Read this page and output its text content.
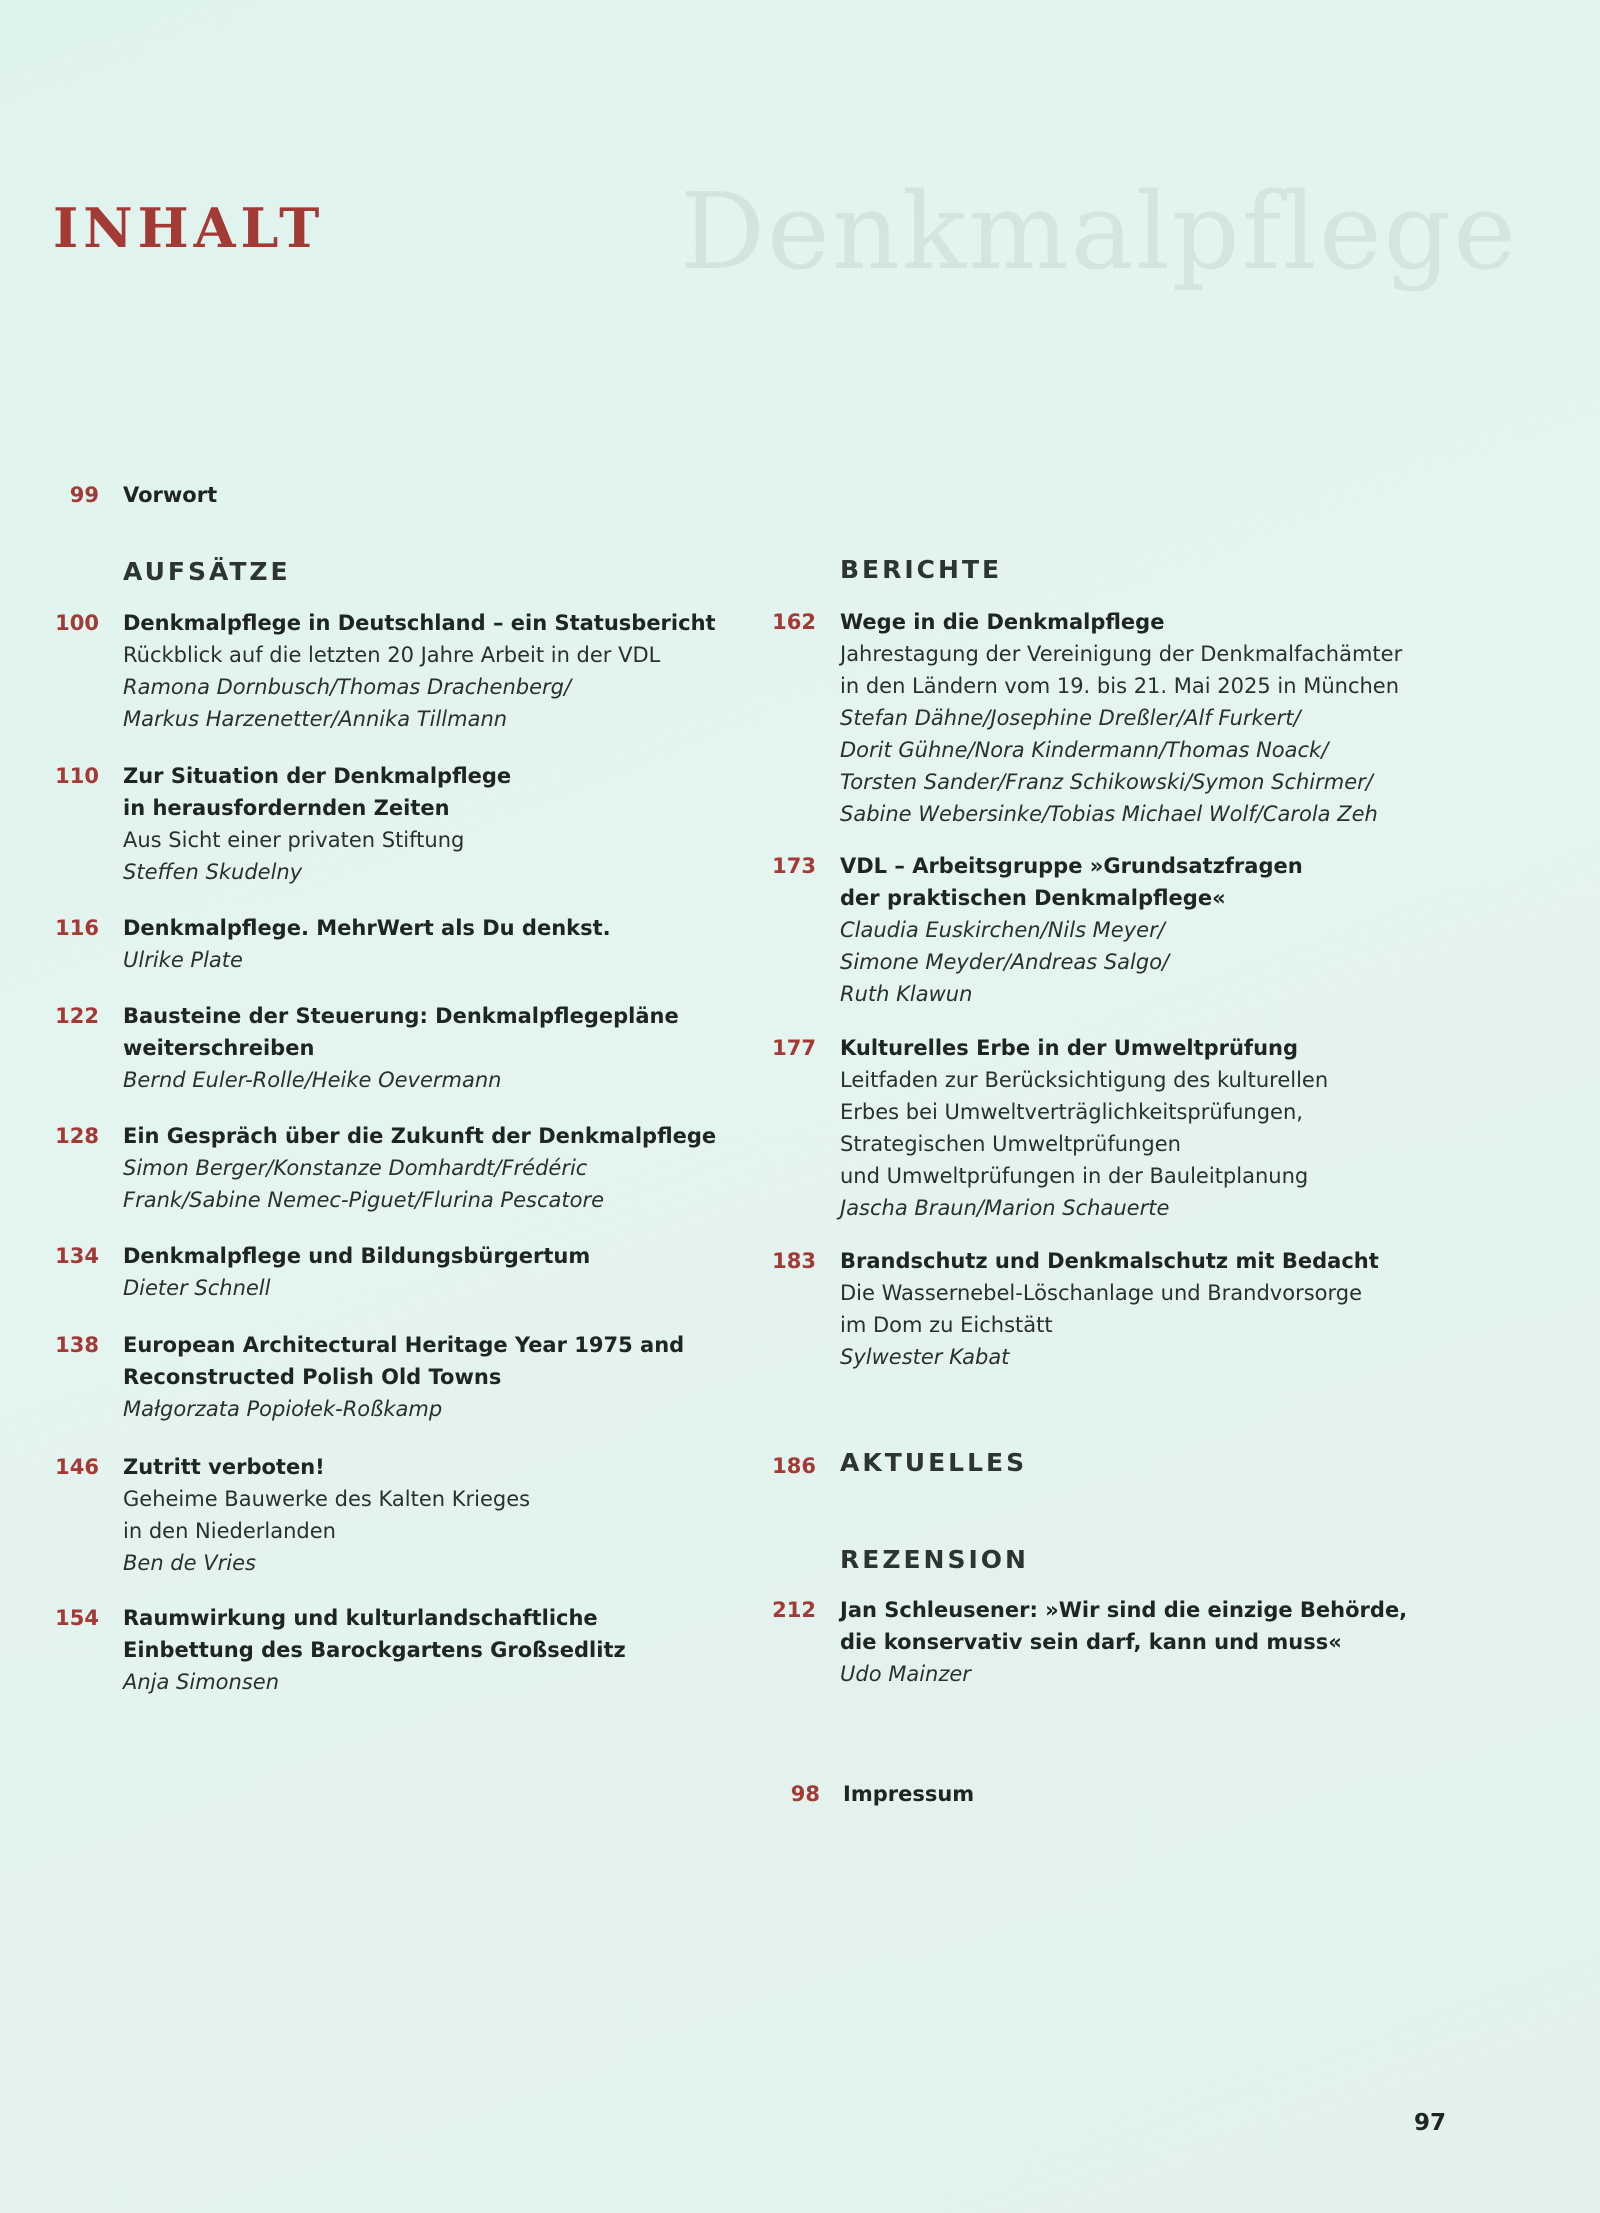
Denkmalpflege
INHALT
99 Vorwort
AUFSÄTZE
100 Denkmalpflege in Deutschland – ein Statusbericht
Rückblick auf die letzten 20 Jahre Arbeit in der VDL
Ramona Dornbusch/Thomas Drachenberg/
Markus Harzenetter/Annika Tillmann
110 Zur Situation der Denkmalpflege
in herausfordernden Zeiten
Aus Sicht einer privaten Stiftung
Steffen Skudelny
116 Denkmalpflege. MehrWert als Du denkst.
Ulrike Plate
122 Bausteine der Steuerung: Denkmalpflegepläne
weiterschreiben
Bernd Euler-Rolle/Heike Oevermann
128 Ein Gespräch über die Zukunft der Denkmalpflege
Simon Berger/Konstanze Domhardt/Frédéric
Frank/Sabine Nemec-Piguet/Flurina Pescatore
134 Denkmalpflege und Bildungsbürgertum
Dieter Schnell
138 European Architectural Heritage Year 1975 and
Reconstructed Polish Old Towns
Małgorzata Popiołek-Roßkamp
146 Zutritt verboten!
Geheime Bauwerke des Kalten Krieges
in den Niederlanden
Ben de Vries
154 Raumwirkung und kulturlandschaftliche
Einbettung des Barockgartens Großsedlitz
Anja Simonsen
BERICHTE
162 Wege in die Denkmalpflege
Jahrestagung der Vereinigung der Denkmalfachämter
in den Ländern vom 19. bis 21. Mai 2025 in München
Stefan Dähne/Josephine Dreßler/Alf Furkert/
Dorit Gühne/Nora Kindermann/Thomas Noack/
Torsten Sander/Franz Schikowski/Symon Schirmer/
Sabine Webersinke/Tobias Michael Wolf/Carola Zeh
173 VDL – Arbeitsgruppe »Grundsatzfragen
der praktischen Denkmalpflege«
Claudia Euskirchen/Nils Meyer/
Simone Meyder/Andreas Salgo/
Ruth Klawun
177 Kulturelles Erbe in der Umweltprüfung
Leitfaden zur Berücksichtigung des kulturellen
Erbes bei Umweltverträglichkeitsprüfungen,
Strategischen Umweltprüfungen
und Umweltprüfungen in der Bauleitplanung
Jascha Braun/Marion Schauerte
183 Brandschutz und Denkmalschutz mit Bedacht
Die Wassernebel-Löschanlage und Brandvorsorge
im Dom zu Eichstätt
Sylwester Kabat
186 AKTUELLES
REZENSION
212 Jan Schleusener: »Wir sind die einzige Behörde,
die konservativ sein darf, kann und muss«
Udo Mainzer
98 Impressum
97
